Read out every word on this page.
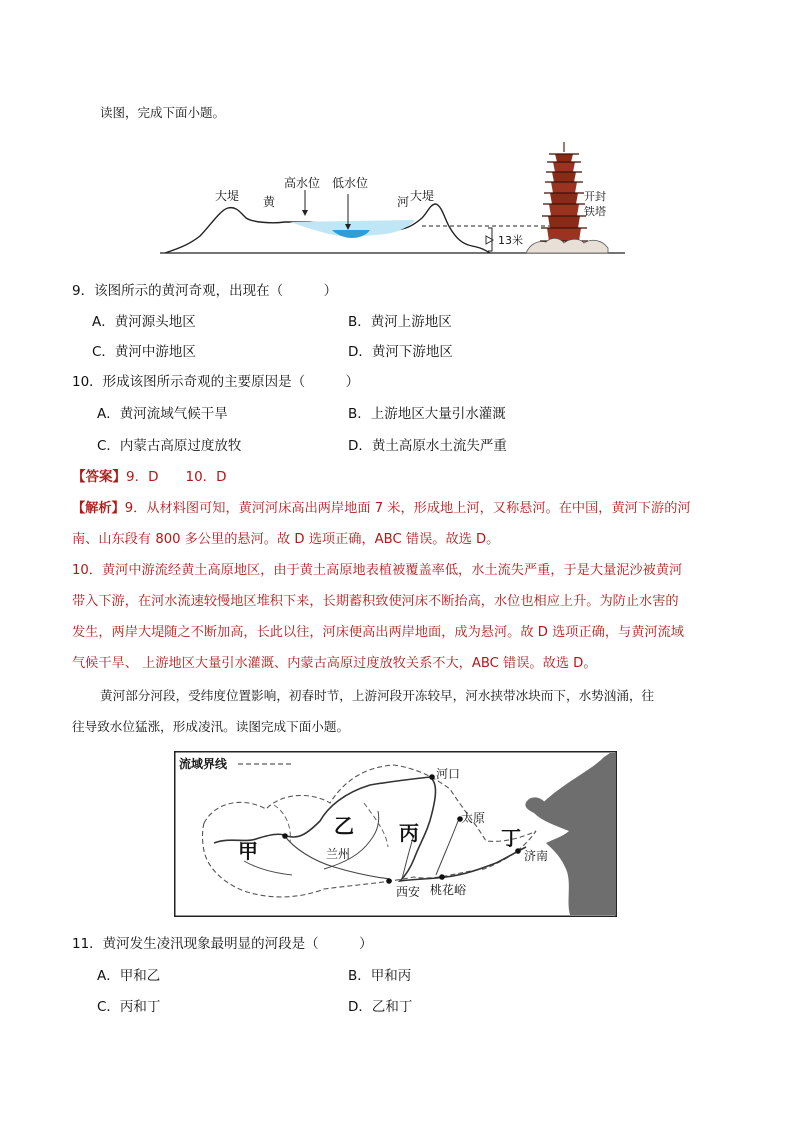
读图，完成下面小题。
13米
大堤	大堤
高水位 低水位
黄	河	开封
铁塔
9．该图所示的黄河奇观，出现在（　　　）
A．黄河源头地区	B．黄河上游地区
C．黄河中游地区	D．黄河下游地区
10．形成该图所示奇观的主要原因是（　　　）
A．黄河流域气候干旱	B．上游地区大量引水灌溉
C．内蒙古高原过度放牧	D．黄土高原水土流失严重
【答案】9．D　　10．D
【解析】9．从材料图可知，黄河河床高出两岸地面 7 米，形成地上河，又称悬河。在中国，黄河下游的河
南、山东段有 800 多公里的悬河。故 D 选项正确，ABC 错误。故选 D。
10．黄河中游流经黄土高原地区，由于黄土高原地表植被覆盖率低，水土流失严重，于是大量泥沙被黄河
带入下游，在河水流速较慢地区堆积下来，长期蓄积致使河床不断抬高，水位也相应上升。为防止水害的
发生，两岸大堤随之不断加高，长此以往，河床便高出两岸地面，成为悬河。故 D 选项正确，与黄河流域
气候干旱、 上游地区大量引水灌溉、内蒙古高原过度放牧关系不大，ABC 错误。故选 D。
黄河部分河段，受纬度位置影响，初春时节，上游河段开冻较早，河水挟带冰块而下，水势汹涌，往
往导致水位猛涨，形成凌汛。读图完成下面小题。
流域界线
河口
太原
兰州
西安 桃花峪
济南
甲
乙 丙	丁
11．黄河发生凌汛现象最明显的河段是（　　　）
A．甲和乙	B．甲和丙
C．丙和丁	D．乙和丁
